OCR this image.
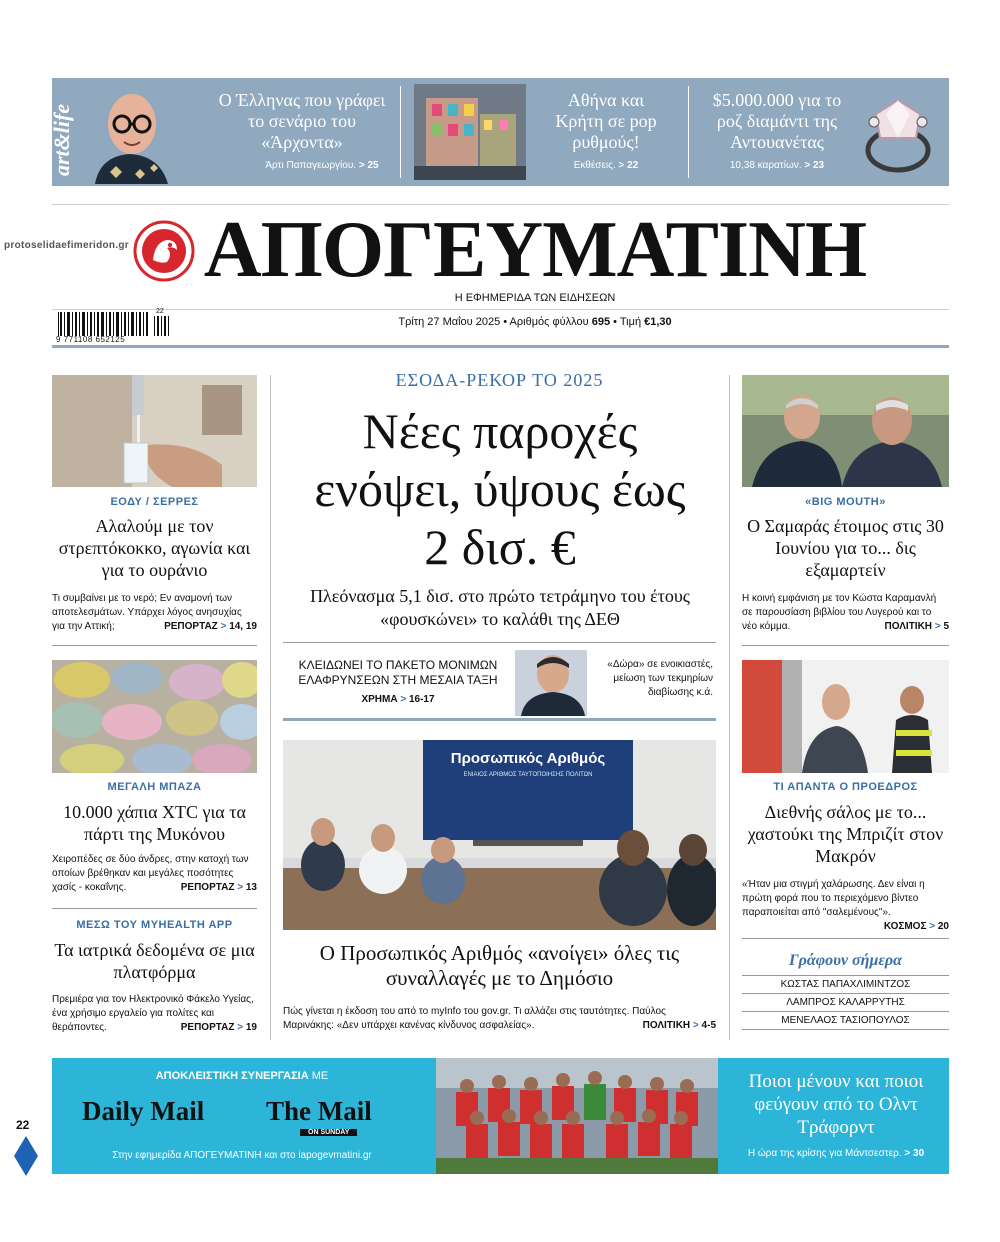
art&life
Ο Έλληνας που γράφει το σενάριο του «Άρχοντα»
Άρτι Παπαγεωργίου. > 25
Αθήνα και Κρήτη σε pop ρυθμούς!
Εκθέσεις. > 22
$5.000.000 για το ροζ διαμάντι της Αντουανέτας
10,38 καρατίων. > 23
protoselidaefimeridon.gr ΑΠΟΓΕΥΜΑΤΙΝΗ
Η ΕΦΗΜΕΡΙΔΑ ΤΩΝ ΕΙΔΗΣΕΩΝ
9 771108 652125
22
Τρίτη 27 Μαΐου 2025 • Αριθμός φύλλου 695 • Τιμή €1,30
ΕΟΔΥ / ΣΕΡΡΕΣ
Αλαλούμ με τον στρεπτόκοκκο, αγωνία και για το ουράνιο
Τι συμβαίνει με το νερό; Εν αναμονή των αποτελεσμάτων. Υπάρχει λόγος ανησυχίας για την Αττική;	ΡΕΠΟΡΤΑΖ > 14, 19
ΜΕΓΑΛΗ ΜΠΑΖΑ
10.000 χάπια XTC για τα πάρτι της Μυκόνου
Χειροπέδες σε δύο άνδρες, στην κατοχή των οποίων βρέθηκαν και μεγάλες ποσότητες χασίς - κοκαΐνης.	ΡΕΠΟΡΤΑΖ > 13
ΜΕΣΩ ΤΟΥ MYHEALTH APP
Τα ιατρικά δεδομένα σε μια πλατφόρμα
Πρεμιέρα για τον Ηλεκτρονικό Φάκελο Υγείας, ένα χρήσιμο εργαλείο για πολίτες και θεράποντες.	ΡΕΠΟΡΤΑΖ > 19
ΕΣΟΔΑ-ΡΕΚΟΡ ΤΟ 2025
Νέες παροχές ενόψει, ύψους έως 2 δισ. €
Πλεόνασμα 5,1 δισ. στο πρώτο τετράμηνο του έτους «φουσκώνει» το καλάθι της ΔΕΘ
ΚΛΕΙΔΩΝΕΙ ΤΟ ΠΑΚΕΤΟ ΜΟΝΙΜΩΝ ΕΛΑΦΡΥΝΣΕΩΝ ΣΤΗ ΜΕΣΑΙΑ ΤΑΞΗ
ΧΡΗΜΑ > 16-17
«Δώρα» σε ενοικιαστές, μείωση των τεκμηρίων διαβίωσης κ.ά.
Προσωπικός Αριθμός
ΕΝΙΑΙΟΣ ΑΡΙΘΜΟΣ ΤΑΥΤΟΠΟΙΗΣΗΣ ΠΟΛΙΤΩΝ
Ο Προσωπικός Αριθμός «ανοίγει» όλες τις συναλλαγές με το Δημόσιο
Πώς γίνεται η έκδοση του από το myInfo του gov.gr. Τι αλλάζει στις ταυτότητες. Παύλος Μαρινάκης: «Δεν υπάρχει κανένας κίνδυνος ασφαλείας».	ΠΟΛΙΤΙΚΗ > 4-5
«BIG MOUTH»
Ο Σαμαράς έτοιμος στις 30 Ιουνίου για το... δις εξαμαρτείν
Η κοινή εμφάνιση με τον Κώστα Καραμανλή σε παρουσίαση βιβλίου του Λυγερού και το νέο κόμμα.	ΠΟΛΙΤΙΚΗ > 5
ΤΙ ΑΠΑΝΤΑ Ο ΠΡΟΕΔΡΟΣ
Διεθνής σάλος με το... χαστούκι της Μπριζίτ στον Μακρόν
«Ήταν μια στιγμή χαλάρωσης. Δεν είναι η πρώτη φορά που το περιεχόμενο βίντεο παραποιείται από "σαλεμένους"».
ΚΟΣΜΟΣ > 20
Γράφουν σήμερα
ΚΩΣΤΑΣ ΠΑΠΑΧΛΙΜΙΝΤΖΟΣ
ΛΑΜΠΡΟΣ ΚΑΛΑΡΡΥΤΗΣ
ΜΕΝΕΛΑΟΣ ΤΑΣΙΟΠΟΥΛΟΣ
ΑΠΟΚΛΕΙΣΤΙΚΗ ΣΥΝΕΡΓΑΣΙΑ ΜΕ
Daily Mail The Mail
ON SUNDAY
Στην εφημερίδα ΑΠΟΓΕΥΜΑΤΙΝΗ και στο iapogevmatini.gr
Ποιοι μένουν και ποιοι φεύγουν από το Ολντ Τράφορντ
Η ώρα της κρίσης για Μάντσεστερ. > 30
22
